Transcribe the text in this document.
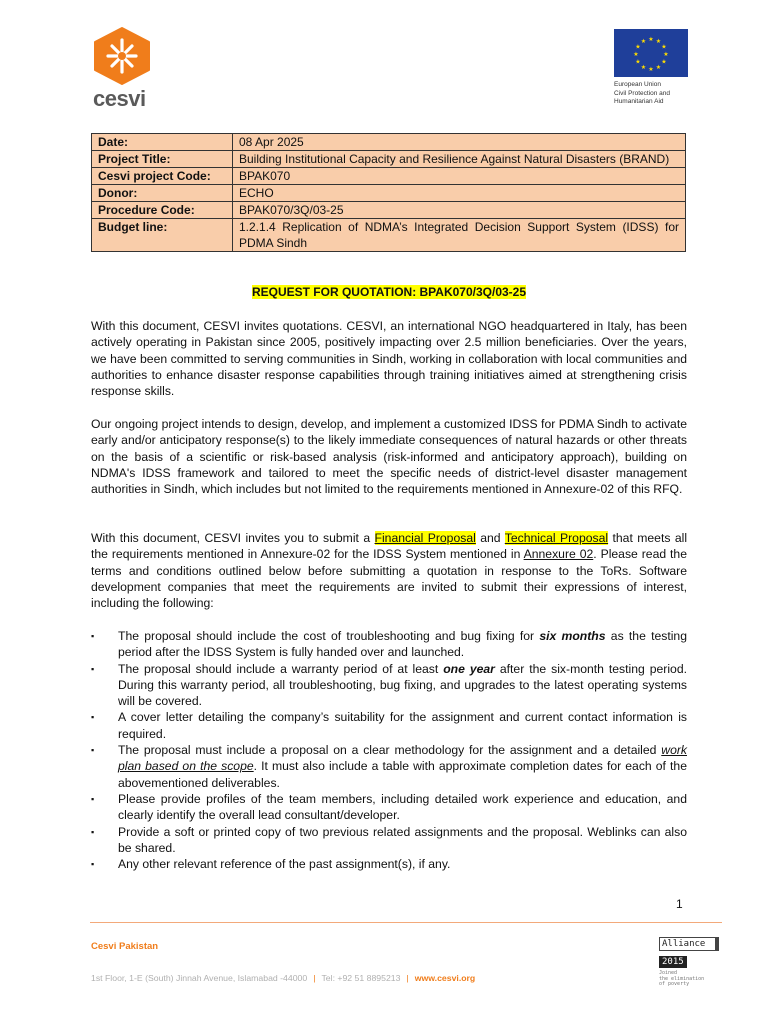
cesvi
★ ★
★
★
★
★
★
★
★
★
★
★
European Union
Civil Protection and
Humanitarian Aid
Date:	08 Apr 2025
Project Title:	Building Institutional Capacity and Resilience Against Natural Disasters (BRAND)
Cesvi project Code:	BPAK070
Donor:	ECHO
Procedure Code:	BPAK070/3Q/03-25
Budget line:	1.2.1.4 Replication of NDMA’s Integrated Decision Support System (IDSS) for PDMA Sindh
REQUEST FOR QUOTATION: BPAK070/3Q/03-25

With this document, CESVI invites quotations. CESVI, an international NGO headquartered in Italy, has been actively operating in Pakistan since 2005, positively impacting over 2.5 million beneficiaries. Over the years, we have been committed to serving communities in Sindh, working in collaboration with local communities and authorities to enhance disaster response capabilities through training initiatives aimed at strengthening crisis response skills.

Our ongoing project intends to design, develop, and implement a customized IDSS for PDMA Sindh to activate early and/or anticipatory response(s) to the likely immediate consequences of natural hazards or other threats on the basis of a scientific or risk-based analysis (risk-informed and anticipatory approach), building on NDMA's IDSS framework and tailored to meet the specific needs of district-level disaster management authorities in Sindh, which includes but not limited to the requirements mentioned in Annexure-02 of this RFQ.

With this document, CESVI invites you to submit a Financial Proposal and Technical Proposal that meets all the requirements mentioned in Annexure-02 for the IDSS System mentioned in Annexure 02. Please read the terms and conditions outlined below before submitting a quotation in response to the ToRs. Software development companies that meet the requirements are invited to submit their expressions of interest, including the following:

▪ The proposal should include the cost of troubleshooting and bug fixing for six months as the testing period after the IDSS System is fully handed over and launched.
▪ The proposal should include a warranty period of at least one year after the six-month testing period. During this warranty period, all troubleshooting, bug fixing, and upgrades to the latest operating systems will be covered.
▪ A cover letter detailing the company’s suitability for the assignment and current contact information is required.
▪ The proposal must include a proposal on a clear methodology for the assignment and a detailed work plan based on the scope. It must also include a table with approximate completion dates for each of the abovementioned deliverables.
▪ Please provide profiles of the team members, including detailed work experience and education, and clearly identify the overall lead consultant/developer.
▪ Provide a soft or printed copy of two previous related assignments and the proposal. Weblinks can also be shared.
▪ Any other relevant reference of the past assignment(s), if any.
1
Cesvi Pakistan
1st Floor, 1-E (South) Jinnah Avenue, Islamabad -44000 | Tel: +92 51 8895213 | www.cesvi.org
Alliance
2015
Joined
the elimination
of poverty
